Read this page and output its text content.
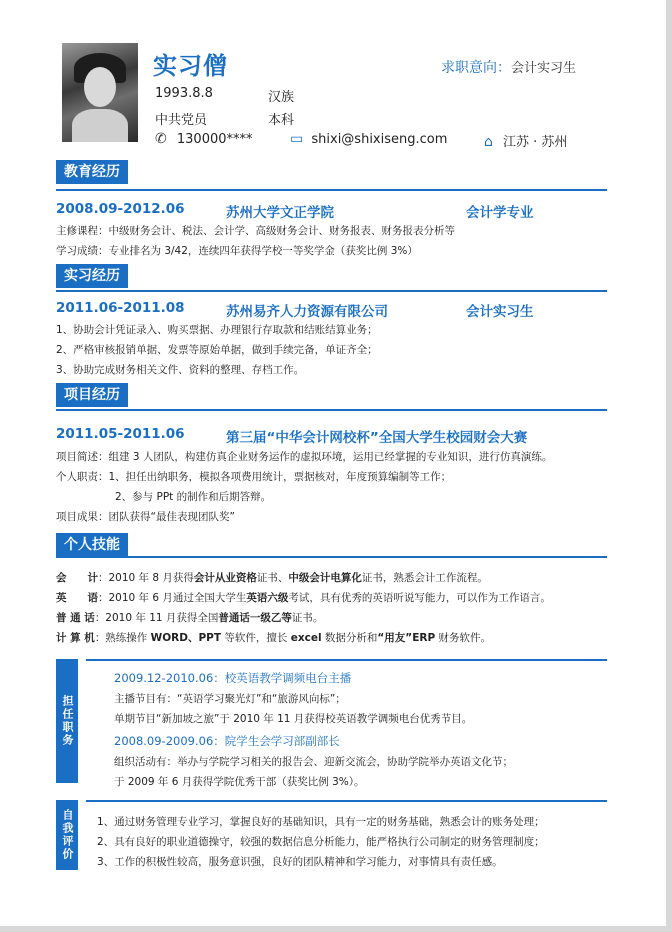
实习僧	求职意向：会计实习生
1993.8.8	汉族
中共党员	本科
✆ 130000****	▭ shixi@shixiseng.com	⌂ 江苏 · 苏州
教育经历
2008.09-2012.06	苏州大学文正学院	会计学专业
主修课程：中级财务会计、税法、会计学、高级财务会计、财务报表、财务报表分析等
学习成绩：专业排名为 3/42，连续四年获得学校一等奖学金（获奖比例 3%）
实习经历
2011.06-2011.08	苏州易齐人力资源有限公司	会计实习生
1、协助会计凭证录入、购买票据、办理银行存取款和结账结算业务；
2、严格审核报销单据、发票等原始单据，做到手续完备，单证齐全；
3、协助完成财务相关文件、资料的整理、存档工作。
项目经历
2011.05-2011.06	第三届“中华会计网校杯”全国大学生校园财会大赛
项目简述：组建 3 人团队，构建仿真企业财务运作的虚拟环境，运用已经掌握的专业知识，进行仿真演练。
个人职责：1、担任出纳职务，模拟各项费用统计，票据核对，年度预算编制等工作；
2、参与 PPt 的制作和后期答辩。
项目成果：团队获得“最佳表现团队奖”
个人技能
会　　计：2010 年 8 月获得会计从业资格证书、中级会计电算化证书，熟悉会计工作流程。
英　　语：2010 年 6 月通过全国大学生英语六级考试，具有优秀的英语听说写能力，可以作为工作语言。
普 通 话：2010 年 11 月获得全国普通话一级乙等证书。
计 算 机：熟练操作 WORD、PPT 等软件，擅长 excel 数据分析和“用友”ERP 财务软件。
担任职务
2009.12-2010.06：校英语教学调频电台主播
主播节目有：“英语学习聚光灯”和“旅游风向标”；
单期节目“新加坡之旅”于 2010 年 11 月获得校英语教学调频电台优秀节目。
2008.09-2009.06：院学生会学习部副部长
组织活动有：举办与学院学习相关的报告会、迎新交流会，协助学院举办英语文化节；
于 2009 年 6 月获得学院优秀干部（获奖比例 3%）。
自我评价 1、通过财务管理专业学习，掌握良好的基础知识，具有一定的财务基础，熟悉会计的账务处理；
2、具有良好的职业道德操守，较强的数据信息分析能力，能严格执行公司制定的财务管理制度；
3、工作的积极性较高，服务意识强，良好的团队精神和学习能力，对事情具有责任感。
